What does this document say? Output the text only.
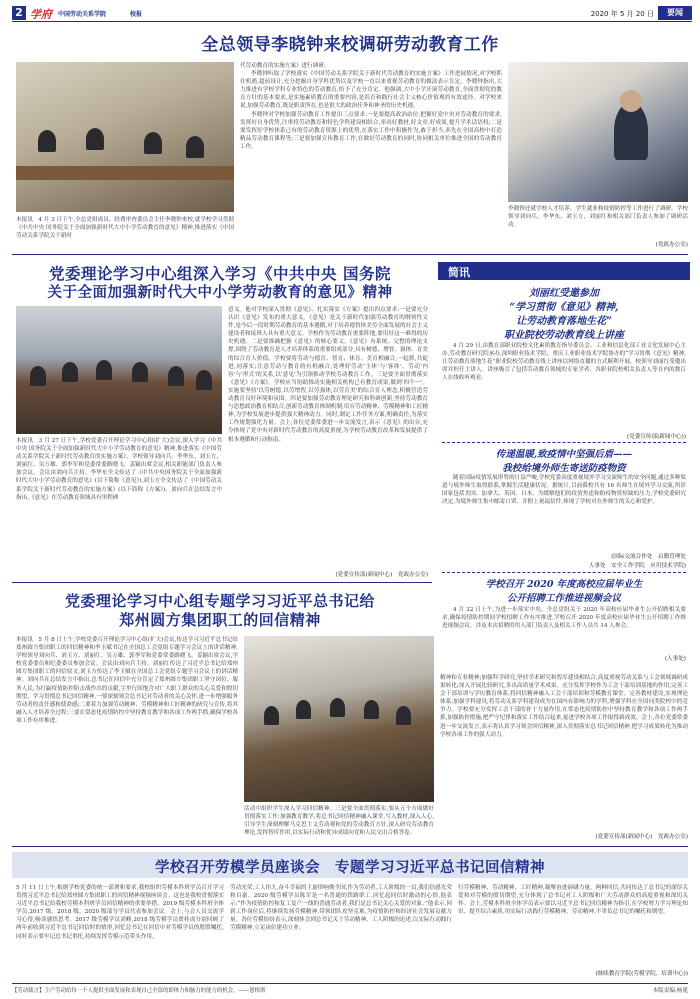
2 学府 中国劳动关系学院	校报	2020 年 5 月 20 日	要闻
全总领导李晓钟来校调研劳动教育工作
本报讯　4 月 3 日下午,全总党组成员、经费审查委员会主任李晓钟来校,就学校学习贯彻《中共中央 国务院关于全面加强新时代大中小学劳动教育的意见》精神,推进落实《中国劳动关系学院关于新时
代劳动教育的实施方案》进行调研。

李晓钟听取了学校落实《中国劳动关系学院关于新时代劳动教育的实施方案》工作进展情况,对学校抓住机遇,超前设计,充分挖掘自身学科优势以及学校一直以来重视劳动教育的做法表示肯定。李晓钟指出,大力推进有学校学科专业特色的劳动教育,给予了充分肯定。他强调,大中小学开展劳动教育,全面贯彻党的教育方针的基本要求,是实施素质教育的重要内容,是培育和践行社会主义核心价值观的有效途径。对学校来说,加强劳动教育,既是职责所在,也是很大的政治任务和神圣的历史机遇。

李晓钟对学校加强劳动教育工作提出三点要求:一是要提高政治站位,把握好党中央对劳动教育的要求,发挥好自身优势,注重将劳动教育和特色学科建设相结合,率出好教材,好文章,好成果,提升学术话语权;二是要发挥好学校体系已有的劳动教育资源上的优势,在落实工作中积极作为,敢于担当,率先在全国高校中打造精品劳动教育课程等;三是要加强宣传教育工作,在做好劳动教育的同时,协同相关单位推进全国的劳动教育工作。

李晓钟还就学校人才培养、学生就业和疫情防控等工作进行了调研。学校领导刘向兵、李华东、刘玉方、刘丽红和相关部门负责人参加了调研活动。
(党政办公室)
党委理论学习中心组深入学习《中共中央 国务院
关于全面加强新时代大中小学劳动教育的意见》精神
本报讯　3 月 27 日下午,学校党委召开理论学习中心组(扩大)会议,深入学习《中共中央 国务院关于全面加强新时代大中小学劳动教育的意见》精神,推进落实《中国劳动关系学院关于新时代劳动教育的实施方案》。学校领导刘向兵、李华东、刘玉方、刘丽红、吴万雄、郭李军和党委常委路晓飞、姜颖出席会议,相关职能部门负责人参加会议。会议由刘向兵主持。李华东全文传达了《中共中央国务院关于全面加强新时代大中小学劳动教育的意见》(以下简称《意见》),刘玉方全文传达了《中国劳动关系学院关于新时代劳动教育的实施方案》(以下简称《方案》)。刘向兵在总结发言中指出,《意见》在劳动教育领域具有里程碑
意义。他对学校深入贯彻《意见》、扎实落实《方案》提出四点要求:一是要充分认识《意见》发布的重大意义。《意见》是关于新时代加强劳动教育的纲领性文件,是今后一段时期劳动教育的基本遵循,对于培养德智体美劳全面发展的社会主义建设者和接班人具有重大意义。学校作为劳动教育重要阵地,要用好这一难得的历史机遇。二是要准确把握《意见》的核心要义。《意见》有系统、完整的理论支撑,围绕了劳动教育是人才培养体系的重要组成部分,具有树德、增智、强体、育美的综合育人价值。学校要将劳动与德育、智育、体育、美育相融合,一起抓,共促进,同落实;注意劳动与教育的有机融合,处理好劳动'主体'与'客体'、劳动'内容'与'形式'的关系,以'意见'为引领推动学校劳动教育工作。三是要全面贯彻落实《意见》《方案》。学校应当协助推动实施相关机构已有教育成果,做到'四个一'。实施要坚持'以劳树德,以劳增智,以劳强体,以劳育美'的综合育人理念,积极营造劳动教育良好环境和氛围。四是要加强劳动教育理论研究和科研创新,坚持劳动教育与思想政治教育相结合,创新劳动教育体制机制,培育劳动精神、劳模精神和工匠精神,为学校发展进步提供强大精神动力。同时,制定工作任务方案,明确责任,为落实工作规划强化力量。会上,各位党委常委进一步交流发言,表示《意见》的出台,充分体现了党中央对新时代劳动教育的高度重视,为学校劳动教育改革和发展提供了根本遵循和行动指南。
(党委宣传部(新闻中心)　党政办公室)
党委理论学习中心组专题学习习近平总书记给
郑州圆方集团职工的回信精神
本报讯　5 月 8 日上午,学校党委召开理论学习中心组(扩大)会议,传达学习习近平总书记给郑州圆方集团职工的回信精神和李玉赋书记在全国总工会党组专题学习会议上的讲话精神,学校领导刘向兵、刘玉方、刘丽红、吴万雄、郭李军和党委常委路晓飞、姜颖出席会议,学校党委委员和纪委委员参加会议。会议由刘向兵主持。刘丽红传达了习近平总书记给郑州圆方集团职工的回信原文,刘玉方传达了李玉赋在全国总工会党组专题学习会议上的讲话精神。刘向兵在总结发言中指出,总书记在回信中充分肯定了郑州圆方集团职工坚守岗位、服务人民,为打赢疫情防控阻击战作出的贡献,字里行间饱含对广大职工群众的关心关爱和殷切期望。学习贯彻总书记回信精神,一要深刻领会总书记对劳动者的关心关怀,进一步增强服务劳动者的责任感和使命感;二要着力加强劳动精神、劳模精神和工匠精神的研究与宣传,将其融入人才培养全过程;三要在常态化疫情防控中坚持教育教学和各项工作两手抓,确保学校各项工作有序推进。
活动中组织学生深入学习回信精神。三是要全面贯彻落实,要从五个方面做好贯彻落实工作:加强教育教学,将总书记回信精神融入课堂,写入教材,深入人心,引导学生深刻理解马克思主义劳动观和党的劳动教育方针,深入研究劳动教育理论,发挥智库作用,以实际行动和优异成绩向党和人民交出合格答卷。
精神和专业精神;加强科学研究,坚持学术研究和智库建设相结合,高度重视劳动关系与工会领域调研成果转化;深入开展比较研究,多出高质量学术成果。充分发挥学校作为工会干部培训基地的作用,完善工会干部培训与学历教育体系,将回信精神融入工会干部培训和劳模教育课堂。完善教材建设,实现理论体系;加强学科建设,将劳动关系学科建设成为在国内有影响力的学科,增强学科在全国同类院校中的竞争力。学校要充分发挥工会干部的骨干力量作用,在常态化疫情防控中坚持教育教学和各项工作两手抓,加强防控措施,把严守纪律和落实工作结合起来,促进学校各项工作取得新成效。会上,各位党委常委进一步交流发言,表示将认真学习领会回信精神,深入贯彻落实总书记回信精神,把学习成果转化为推动学校各项工作的强大动力。
(党委宣传部(新闻中心)　党政办公室)
简讯
刘丽红受邀参加
“学习贯彻《意见》精神,
让劳动教育落地生花”
职业院校劳动教育线上讲座

4 月 29 日,由教育部职业院校文化素质教育指导委员会、工业和信息化部工业文化发展中心主办,劳动教育研究院承办,深圳职业技术学院、重庆工业职业技术学院协办的“学习贯彻《意见》精神,让劳动教育落地生花”职业院校劳动教育线上讲座以网络直播的方式顺利开展。校领导刘丽红受邀出席并担任主讲人。讲座吸引了包括劳动教育领域的专家学者、各职业院校相关负责人等在内的数百人在线收听观看。

(党委宣传部(新闻中心))
传递温暖,致疫情中坚强后盾——
我校给境外师生寄送防疫物资

随着国际疫情发展形势的日益严峻,学校党委高度重视境外学习交流师生的安全问题,通过多种渠道与境外师生取得联系,掌握生活健康状况。据统计,目前我校共有 16 名师生在境外学习交流,所涉国家包括美国、加拿大、英国、日本。为缓解他们的疫情焦虑和防疫物资短缺的压力,学校党委研究决定,为境外师生集中邮寄口罩、并附上祝福信件,体现了学校对在外师生的关心和爱护。

(国际交流合作处　启勤管理处
人事处　安全工作学院　应用技术学院)
学校召开 2020 年度高校应届毕业生
公开招聘工作推进视频会议

4 月 22 日上午,为进一步落实中央、全总党组关于 2020 年高校应届毕业生公开招聘相关要求,确保疫情防控期间学校招聘工作有序推进,学校召开 2020 年度高校应届毕业生公开招聘工作推进视频会议。涉及本次招聘的用人部门负责人及相关工作人员共 14 人参会。

(人事处)
学校召开劳模学员座谈会　专题学习习近平总书记回信精神
5 月 11 日上午,根据学校党委的统一部署和要求,我校组织劳模本科班学员召开学习贯彻习近平总书记给郑州圆方集团职工的回信精神视频座谈会。这也是我校贯彻落实习近平总书记给我校劳模本科班学员回信精神的重要举措。2019 级劳模本科班全体学员,2017 级、2018 级、2020 级部分学员代表参加会议。会上,与会人员交流学习心得,畅谈感悟思考。2017 级劳模学员刘峰,2018 级劳模学员贾桂成分别回顾了两年前收到习近平总书记回信时的情形,回忆总书记在回信中对劳模学员的殷殷嘱托,同时表示要牢记总书记重托,持续发挥劳模示范带头作用。
劳动光荣,工人伟大,奋斗幸福的主旋律响彻全国,作为劳动者,工人阶级的一员,我们倍感光荣和自豪。2020 级劳模学员陈军是一名普通的铁路职工,回忆起回信时激动的心情,他表示:“作为疫情防控和复工复产一线的普通劳动者,我们是总书记关心关爱的对象。”他表示,回到工作岗位后,将继续发扬劳模精神,带领团队攻坚克难,为疫情防控和经济社会发展贡献力量。各位劳模纷纷表示,深刻体会到总书记关于劳动精神、工人阶级的论述,以实际行动践行劳模精神,立足岗位建功立业。
行劳模精神、劳动精神、工匠精神,凝聚奋进磅礴力量。两种回信,共同传达了总书记的深厚关爱和对劳模的殷切期望,充分体现了总书记对工人阶级和广大劳动群众的高度重视和深切关怀。会上,劳模本科班全体学员表示要以习近平总书记回信精神为指引,在学校努力学习理论知识、提升综合素质,用实际行动践行劳模精神、劳动精神,不辜负总书记的嘱托和期望。
(继续教育学院(劳模学院、培训中心))
【劳动箴言】主产劳动给每一个人提供全面发展和表现自己全部的即体力和脑力的能力的机会。——恩格斯	本版责编:杨冕
